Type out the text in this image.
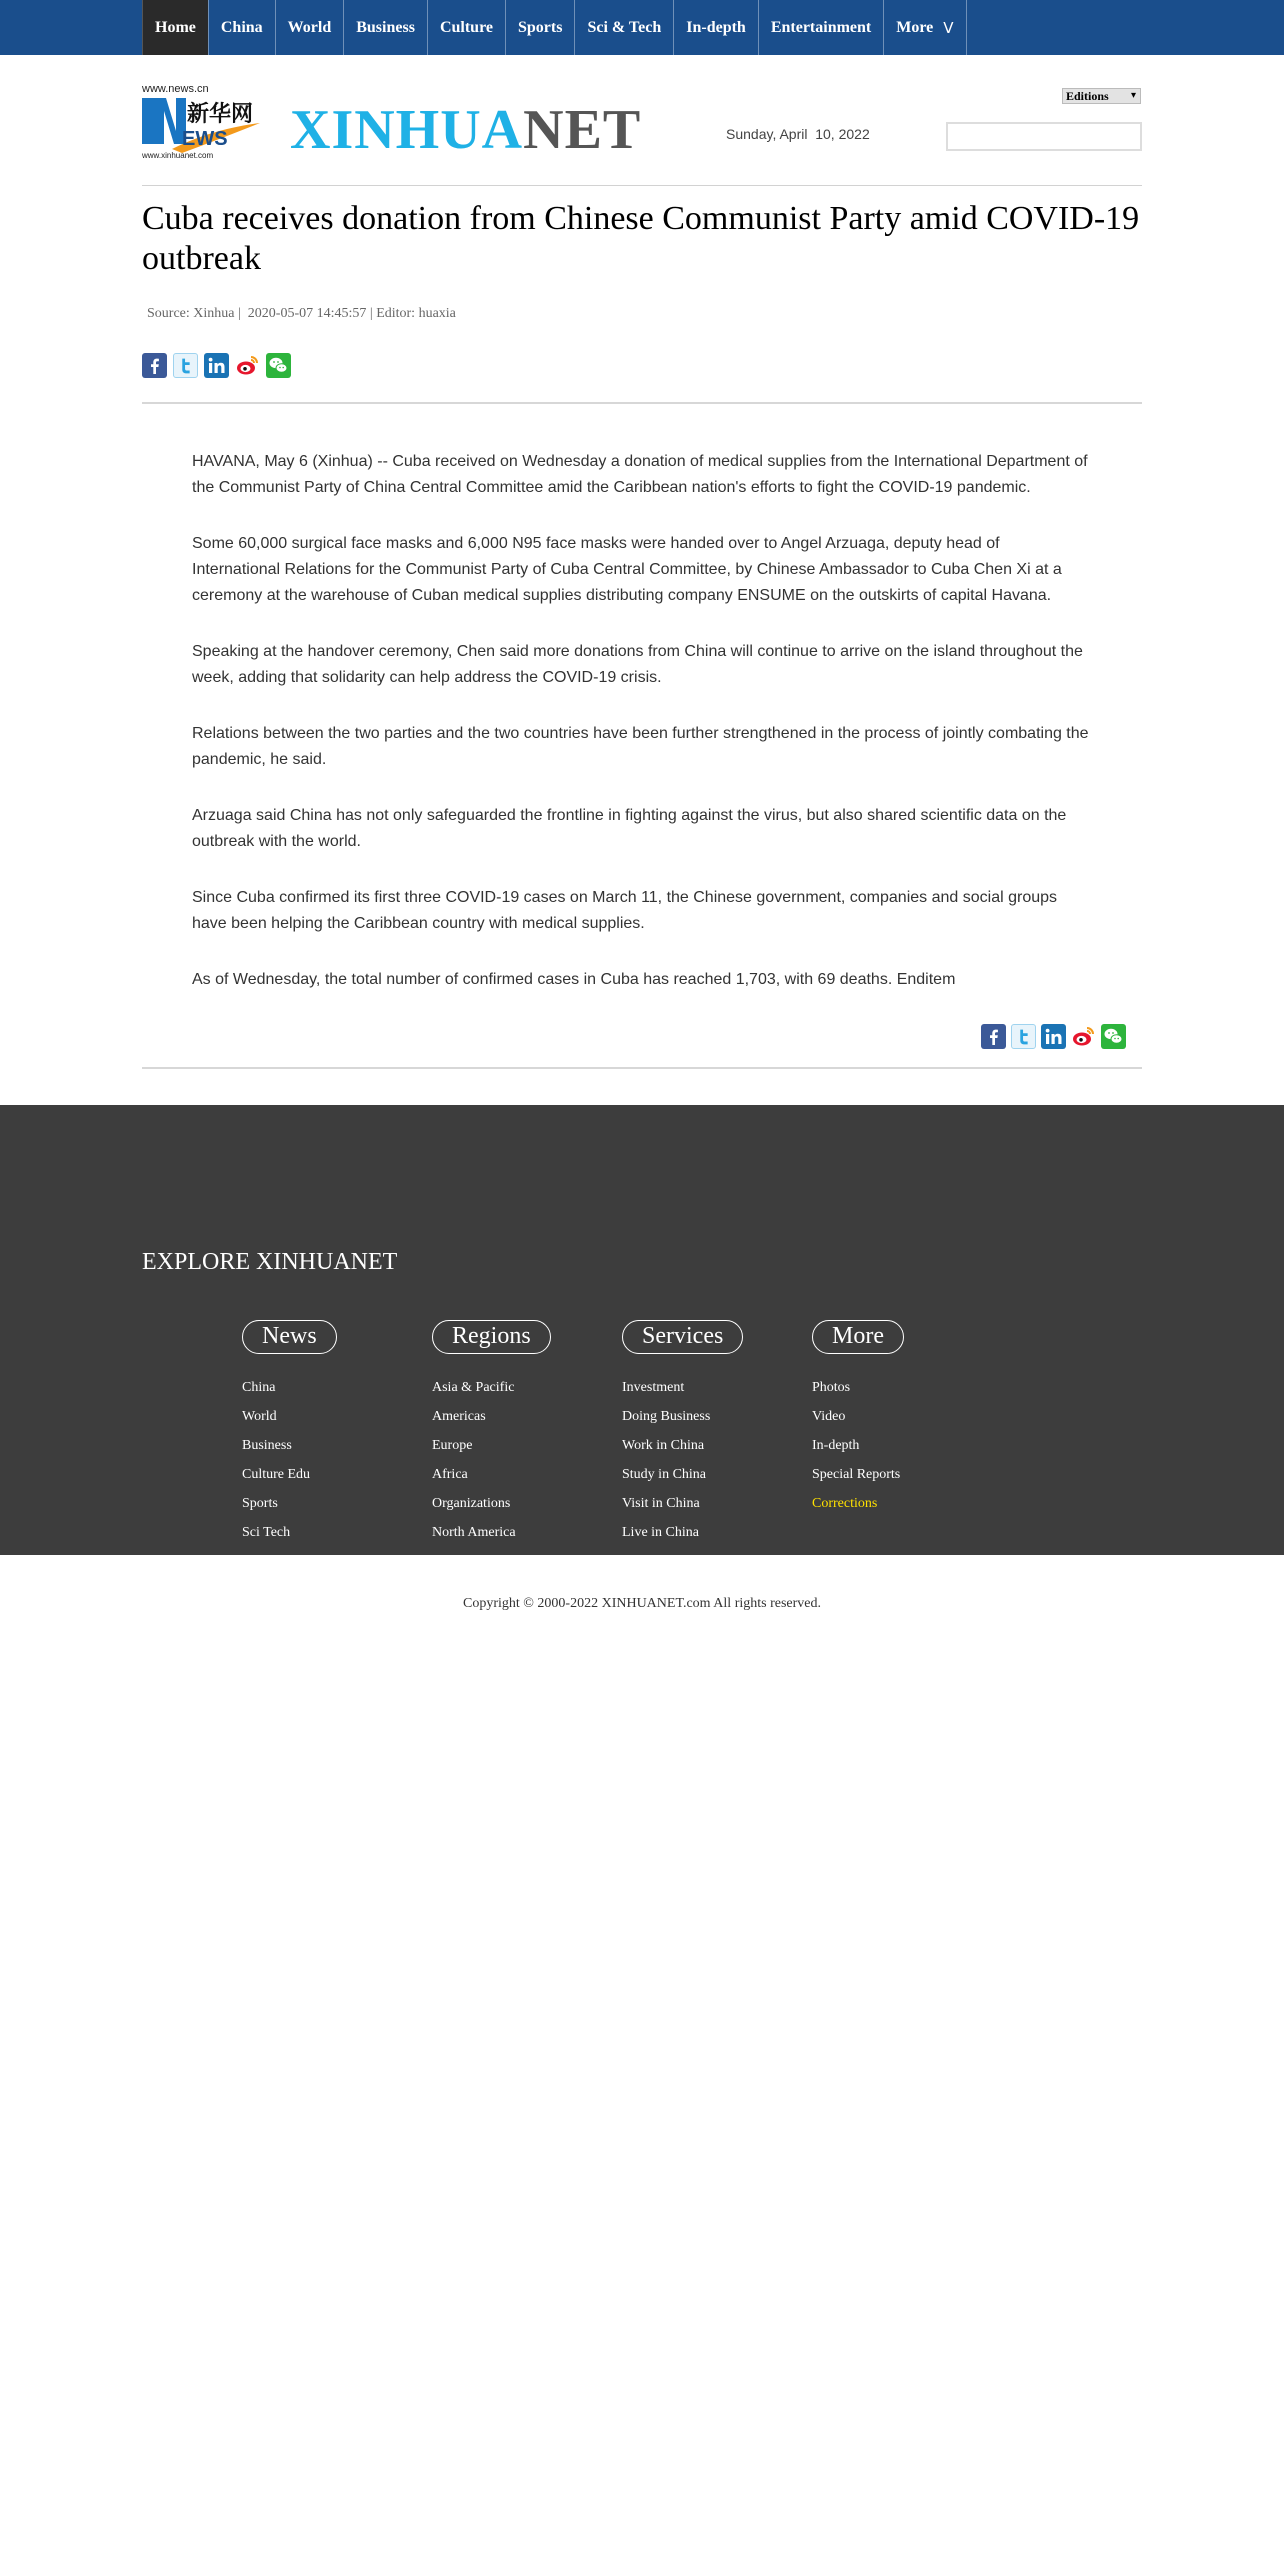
Home China World Business Culture Sports Sci & Tech In-depth Entertainment More V
www.news.cn
EWS
新华网
www.xinhuanet.com XINHUANET	Sunday, April  10, 2022
Editions ▾
Cuba receives donation from Chinese Communist Party amid COVID-19 outbreak
Source: Xinhua |  2020-05-07 14:45:57 | Editor: huaxia

HAVANA, May 6 (Xinhua) -- Cuba received on Wednesday a donation of medical supplies from the International Department of the Communist Party of China Central Committee amid the Caribbean nation's efforts to fight the COVID-19 pandemic.

Some 60,000 surgical face masks and 6,000 N95 face masks were handed over to Angel Arzuaga, deputy head of International Relations for the Communist Party of Cuba Central Committee, by Chinese Ambassador to Cuba Chen Xi at a ceremony at the warehouse of Cuban medical supplies distributing company ENSUME on the outskirts of capital Havana.

Speaking at the handover ceremony, Chen said more donations from China will continue to arrive on the island throughout the week, adding that solidarity can help address the COVID-19 crisis.

Relations between the two parties and the two countries have been further strengthened in the process of jointly combating the pandemic, he said.

Arzuaga said China has not only safeguarded the frontline in fighting against the virus, but also shared scientific data on the outbreak with the world.

Since Cuba confirmed its first three COVID-19 cases on March 11, the Chinese government, companies and social groups have been helping the Caribbean country with medical supplies.

As of Wednesday, the total number of confirmed cases in Cuba has reached 1,703, with 69 deaths. Enditem

EXPLORE XINHUANET
News
China
World
Business
Culture Edu
Sports
Sci Tech
Regions
Asia & Pacific
Americas
Europe
Africa
Organizations
North America
Services
Investment
Doing Business
Work in China
Study in China
Visit in China
Live in China
More
Photos
Video
In-depth
Special Reports
Corrections
Copyright © 2000-2022 XINHUANET.com All rights reserved.
